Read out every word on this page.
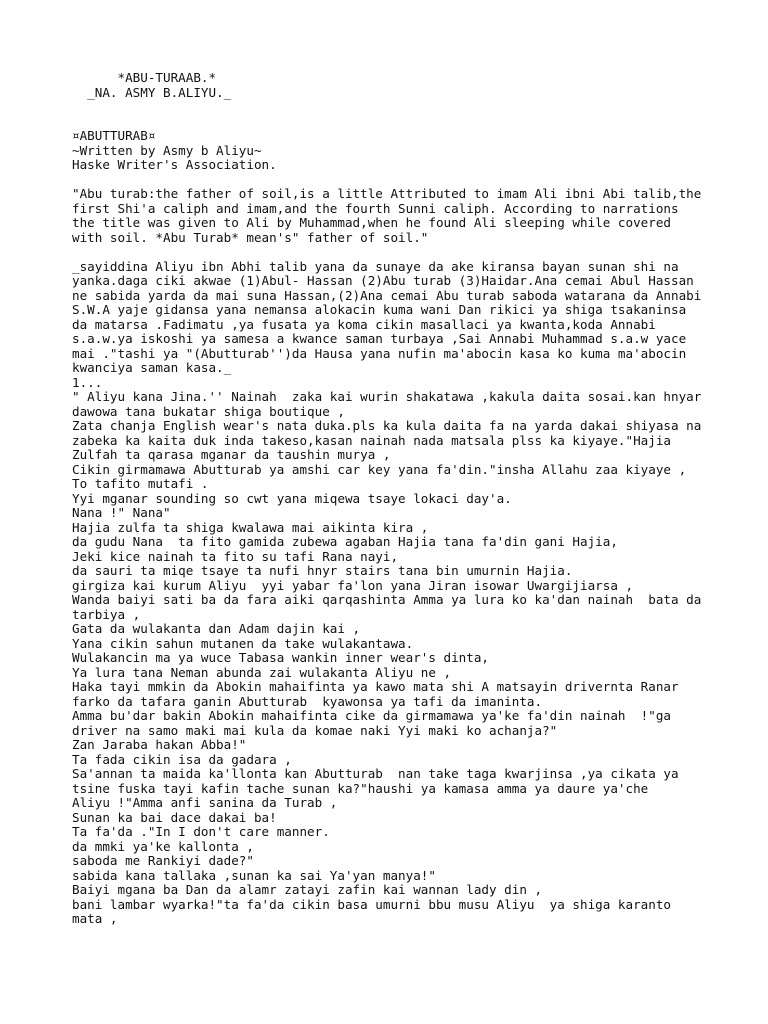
*ABU-TURAAB.*
_NA. ASMY B.ALIYU._
¤ABUTTURAB¤
~Written by Asmy b Aliyu~
Haske Writer's Association.
"Abu turab:the father of soil,is a little Attributed to imam Ali ibni Abi talib,the
first Shi'a caliph and imam,and the fourth Sunni caliph. According to narrations
the title was given to Ali by Muhammad,when he found Ali sleeping while covered
with soil. *Abu Turab* mean's" father of soil."
_sayiddina Aliyu ibn Abhi talib yana da sunaye da ake kiransa bayan sunan shi na
yanka.daga ciki akwae (1)Abul- Hassan (2)Abu turab (3)Haidar.Ana cemai Abul Hassan
ne sabida yarda da mai suna Hassan,(2)Ana cemai Abu turab saboda watarana da Annabi
S.W.A yaje gidansa yana nemansa alokacin kuma wani Dan rikici ya shiga tsakaninsa
da matarsa .Fadimatu ,ya fusata ya koma cikin masallaci ya kwanta,koda Annabi
s.a.w.ya iskoshi ya samesa a kwance saman turbaya ,Sai Annabi Muhammad s.a.w yace
mai ."tashi ya "(Abutturab'')da Hausa yana nufin ma'abocin kasa ko kuma ma'abocin
kwanciya saman kasa._
1...
" Aliyu kana Jina.'' Nainah  zaka kai wurin shakatawa ,kakula daita sosai.kan hnyar
dawowa tana bukatar shiga boutique ,
Zata chanja English wear's nata duka.pls ka kula daita fa na yarda dakai shiyasa na
zabeka ka kaita duk inda takeso,kasan nainah nada matsala plss ka kiyaye."Hajia
Zulfah ta qarasa mganar da taushin murya ,
Cikin girmamawa Abutturab ya amshi car key yana fa'din."insha Allahu zaa kiyaye ,
To tafito mutafi .
Yyi mganar sounding so cwt yana miqewa tsaye lokaci day'a.
Nana !" Nana"
Hajia zulfa ta shiga kwalawa mai aikinta kira ,
da gudu Nana  ta fito gamida zubewa agaban Hajia tana fa'din gani Hajia,
Jeki kice nainah ta fito su tafi Rana nayi,
da sauri ta miqe tsaye ta nufi hnyr stairs tana bin umurnin Hajia.
girgiza kai kurum Aliyu  yyi yabar fa'lon yana Jiran isowar Uwargijiarsa ,
Wanda baiyi sati ba da fara aiki qarqashinta Amma ya lura ko ka'dan nainah  bata da
tarbiya ,
Gata da wulakanta dan Adam dajin kai ,
Yana cikin sahun mutanen da take wulakantawa.
Wulakancin ma ya wuce Tabasa wankin inner wear's dinta,
Ya lura tana Neman abunda zai wulakanta Aliyu ne ,
Haka tayi mmkin da Abokin mahaifinta ya kawo mata shi A matsayin drivernta Ranar
farko da tafara ganin Abutturab  kyawonsa ya tafi da imaninta.
Amma bu'dar bakin Abokin mahaifinta cike da girmamawa ya'ke fa'din nainah  !"ga
driver na samo maki mai kula da komae naki Yyi maki ko achanja?"
Zan Jaraba hakan Abba!"
Ta fada cikin isa da gadara ,
Sa'annan ta maida ka'llonta kan Abutturab  nan take taga kwarjinsa ,ya cikata ya
tsine fuska tayi kafin tache sunan ka?"haushi ya kamasa amma ya daure ya'che
Aliyu !"Amma anfi sanina da Turab ,
Sunan ka bai dace dakai ba!
Ta fa'da ."In I don't care manner.
da mmki ya'ke kallonta ,
saboda me Rankiyi dade?"
sabida kana tallaka ,sunan ka sai Ya'yan manya!"
Baiyi mgana ba Dan da alamr zatayi zafin kai wannan lady din ,
bani lambar wyarka!"ta fa'da cikin basa umurni bbu musu Aliyu  ya shiga karanto
mata ,
